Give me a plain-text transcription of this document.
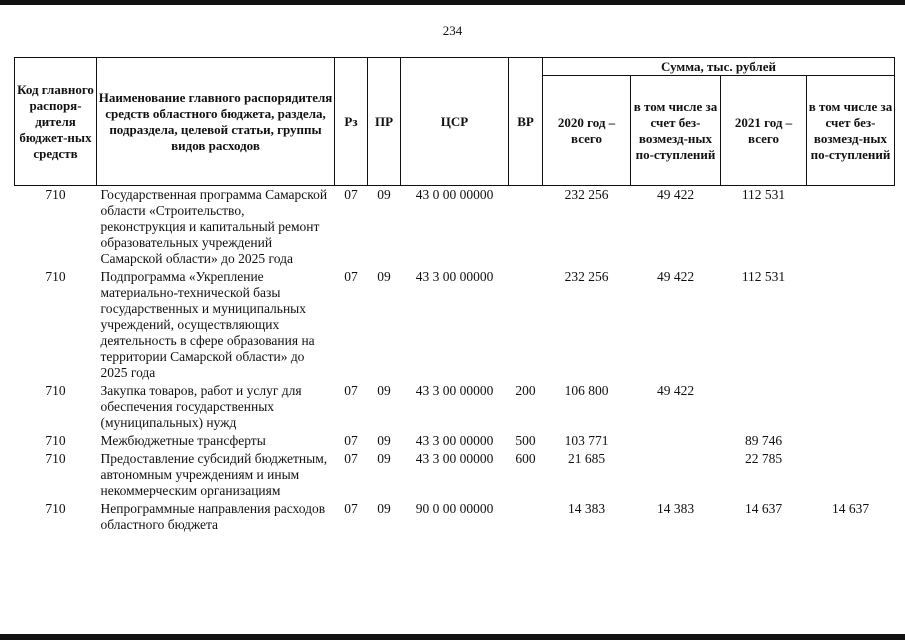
234
Код главного распоря-дителя бюджет-ных средств	Наименование главного распорядителя средств областного бюджета, раздела, подраздела, целевой статьи, группы видов расходов	Рз	ПР	ЦСР	ВР	Сумма, тыс. рублей			
						2020 год – всего	в том числе за счет без-возмезд-ных по-ступлений	2021 год – всего	в том числе за счет без-возмезд-ных по-ступлений
710	Государственная программа Самарской области «Строительство, реконструкция и капитальный ремонт образовательных учреждений Самарской области» до 2025 года	07	09	43 0 00 00000		232 256	49 422	112 531	
710	Подпрограмма «Укрепление материально-технической базы государственных и муниципальных учреждений, осуществляющих деятельность в сфере образования на территории Самарской области» до 2025 года	07	09	43 3 00 00000		232 256	49 422	112 531	
710	Закупка товаров, работ и услуг для обеспечения государственных (муниципальных) нужд	07	09	43 3 00 00000	200	106 800	49 422		
710	Межбюджетные трансферты	07	09	43 3 00 00000	500	103 771		89 746	
710	Предоставление субсидий бюджетным, автономным учреждениям и иным некоммерческим организациям	07	09	43 3 00 00000	600	21 685		22 785	
710	Непрограммные направления расходов областного бюджета	07	09	90 0 00 00000		14 383	14 383	14 637	14 637
